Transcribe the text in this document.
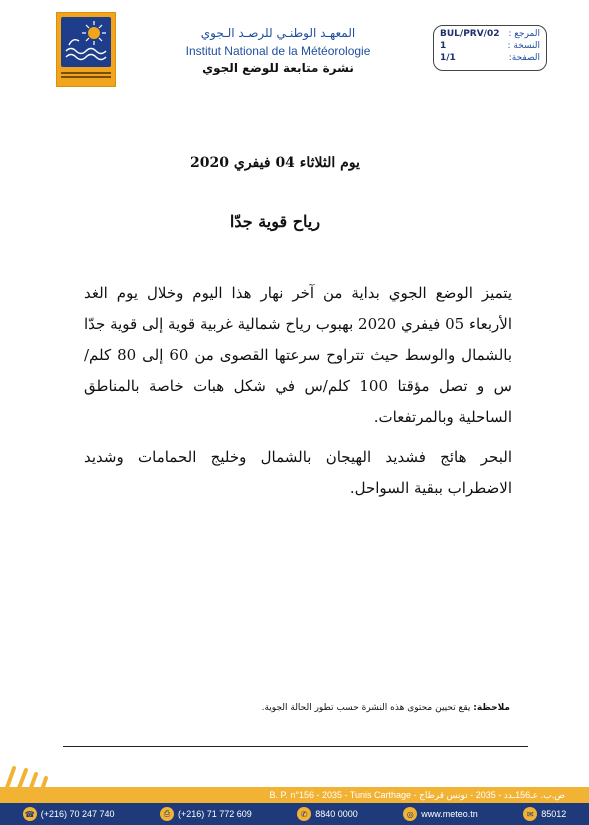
المعهـد الوطنـي للرصـد الـجوي
Institut National de la Météorologie
نشرة متابعة للوضع الجوي
BUL/PRV/02 المرجع :
1	النسخة :
1/1	الصفحة:
يوم الثلاثاء 04 فيفري 2020
رياح قوية جدّا

يتميز الوضع الجوي بداية من آخر نهار هذا اليوم وخلال يوم الغد الأربعاء 05 فيفري 2020 بهبوب رياح شمالية غربية قوية إلى قوية جدّا بالشمال والوسط حيث تتراوح سرعتها القصوى من 60 إلى 80 كلم/س و تصل مؤقتا 100 كلم/س في شكل هبات خاصة بالمناطق الساحلية وبالمرتفعات.

البحر هائج فشديد الهيجان بالشمال وخليج الحمامات وشديد الاضطراب ببقية السواحل.

ملاحظة: يقع تحيين محتوى هذه النشرة حسب تطور الحالة الجوية.
B. P. n°156 - 2035 - Tunis Carthage - ص.ب. عـ156ـدد - 2035 - تونس قرطاج
☎ (+216) 70 247 740	⎙ (+216) 71 772 609	✆ 8840 0000	◎ www.meteo.tn	✉ 85012
